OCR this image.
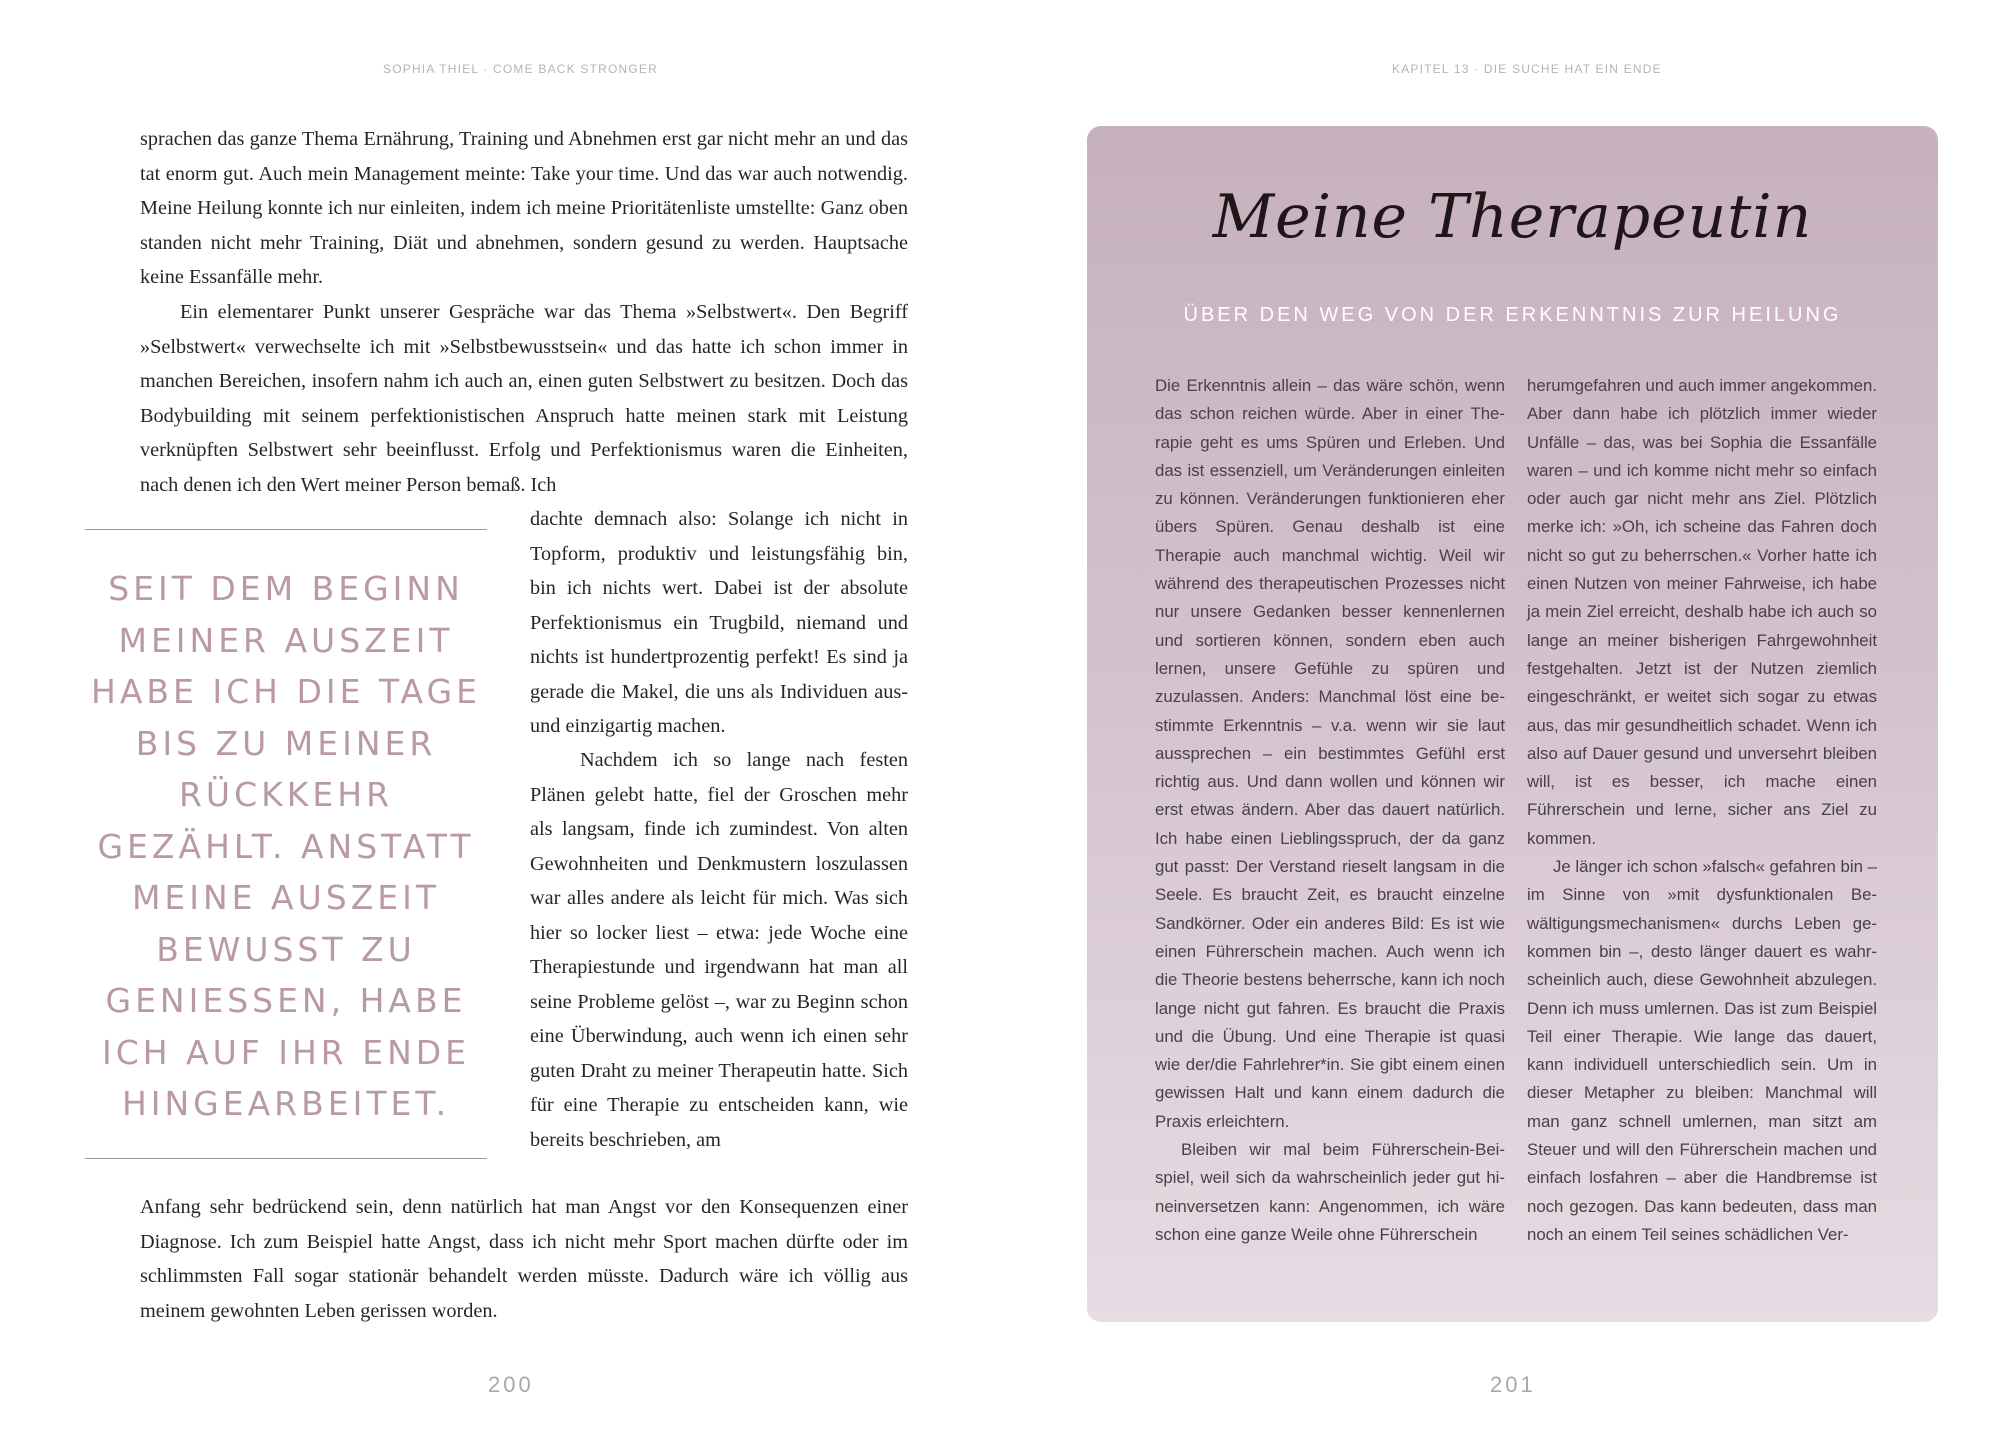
SOPHIA THIEL · COME BACK STRONGER	KAPITEL 13 · DIE SUCHE HAT EIN ENDE

sprachen das ganze Thema Ernährung, Training und Abnehmen erst gar nicht mehr an und das tat enorm gut. Auch mein Management meinte: Take your time. Und das war auch notwendig. Meine Heilung konnte ich nur einleiten, indem ich meine Prioritätenliste umstellte: Ganz oben standen nicht mehr Training, Diät und abnehmen, sondern gesund zu werden. Hauptsache keine Essanfälle mehr.

Ein elementarer Punkt unserer Gespräche war das Thema »Selbstwert«. Den Begriff »Selbstwert« verwechselte ich mit »Selbstbewusstsein« und das hatte ich schon immer in manchen Bereichen, insofern nahm ich auch an, einen guten Selbstwert zu besitzen. Doch das Bodybuilding mit seinem perfektionistischen Anspruch hatte meinen stark mit Leistung verknüpften Selbstwert sehr beeinflusst. Erfolg und Perfektionismus waren die Einheiten, nach denen ich den Wert meiner Person bemaß. Ich

SEIT DEM BEGINN MEINER AUSZEIT HABE ICH DIE TAGE BIS ZU MEINER RÜCKKEHR GEZÄHLT. ANSTATT MEINE AUSZEIT BEWUSST ZU GENIESSEN, HABE ICH AUF IHR ENDE HINGEARBEITET.

dachte demnach also: Solange ich nicht in Topform, produktiv und leistungsfähig bin, bin ich nichts wert. Dabei ist der absolute Perfektionismus ein Trugbild, niemand und nichts ist hundertprozentig perfekt! Es sind ja gerade die Makel, die uns als Individuen aus- und einzigartig machen.

Nachdem ich so lange nach festen Plänen gelebt hatte, fiel der Groschen mehr als langsam, finde ich zumindest. Von alten Gewohnheiten und Denkmustern loszulassen war alles andere als leicht für mich. Was sich hier so locker liest – etwa: jede Woche eine Therapiestunde und irgendwann hat man all seine Probleme gelöst –, war zu Beginn schon eine Überwindung, auch wenn ich einen sehr guten Draht zu meiner Therapeutin hatte. Sich für eine Therapie zu entscheiden kann, wie bereits beschrieben, am

Anfang sehr bedrückend sein, denn natürlich hat man Angst vor den Konsequenzen einer Diagnose. Ich zum Beispiel hatte Angst, dass ich nicht mehr Sport machen dürfte oder im schlimmsten Fall sogar stationär behandelt werden müsste. Dadurch wäre ich völlig aus meinem gewohnten Leben gerissen worden.

200
Meine Therapeutin
ÜBER DEN WEG VON DER ERKENNTNIS ZUR HEILUNG

Die Erkenntnis allein – das wäre schön, wenn das schon reichen würde. Aber in einer Therapie geht es ums Spüren und Erleben. Und das ist essenziell, um Veränderungen einleiten zu können. Veränderungen funktionieren eher übers Spüren. Genau deshalb ist eine Therapie auch manchmal wichtig. Weil wir während des therapeutischen Prozesses nicht nur unsere Gedanken besser kennenlernen und sortieren können, sondern eben auch lernen, unsere Gefühle zu spüren und zuzulassen. Anders: Manchmal löst eine bestimmte Erkenntnis – v.a. wenn wir sie laut aussprechen – ein bestimmtes Gefühl erst richtig aus. Und dann wollen und können wir erst etwas ändern. Aber das dauert natürlich. Ich habe einen Lieblingsspruch, der da ganz gut passt: Der Verstand rieselt langsam in die Seele. Es braucht Zeit, es braucht einzelne Sandkörner. Oder ein anderes Bild: Es ist wie einen Führerschein machen. Auch wenn ich die Theorie bestens beherrsche, kann ich noch lange nicht gut fahren. Es braucht die Praxis und die Übung. Und eine Therapie ist quasi wie der/die Fahrlehrer*in. Sie gibt einem einen gewissen Halt und kann einem dadurch die Praxis erleichtern.

Bleiben wir mal beim Führerschein-Beispiel, weil sich da wahrscheinlich jeder gut hineinversetzen kann: Angenommen, ich wäre schon eine ganze Weile ohne Führerschein

herumgefahren und auch immer angekommen. Aber dann habe ich plötzlich immer wieder Unfälle – das, was bei Sophia die Essanfälle waren – und ich komme nicht mehr so einfach oder auch gar nicht mehr ans Ziel. Plötzlich merke ich: »Oh, ich scheine das Fahren doch nicht so gut zu beherrschen.« Vorher hatte ich einen Nutzen von meiner Fahrweise, ich habe ja mein Ziel erreicht, deshalb habe ich auch so lange an meiner bisherigen Fahrgewohnheit festgehalten. Jetzt ist der Nutzen ziemlich eingeschränkt, er weitet sich sogar zu etwas aus, das mir gesundheitlich schadet. Wenn ich also auf Dauer gesund und unversehrt bleiben will, ist es besser, ich mache einen Führerschein und lerne, sicher ans Ziel zu kommen.

Je länger ich schon »falsch« gefahren bin – im Sinne von »mit dysfunktionalen Bewältigungsmechanismen« durchs Leben gekommen bin –, desto länger dauert es wahrscheinlich auch, diese Gewohnheit abzulegen. Denn ich muss umlernen. Das ist zum Beispiel Teil einer Therapie. Wie lange das dauert, kann individuell unterschiedlich sein. Um in dieser Metapher zu bleiben: Manchmal will man ganz schnell umlernen, man sitzt am Steuer und will den Führerschein machen und einfach losfahren – aber die Handbremse ist noch gezogen. Das kann bedeuten, dass man noch an einem Teil seines schädlichen Ver-

201
